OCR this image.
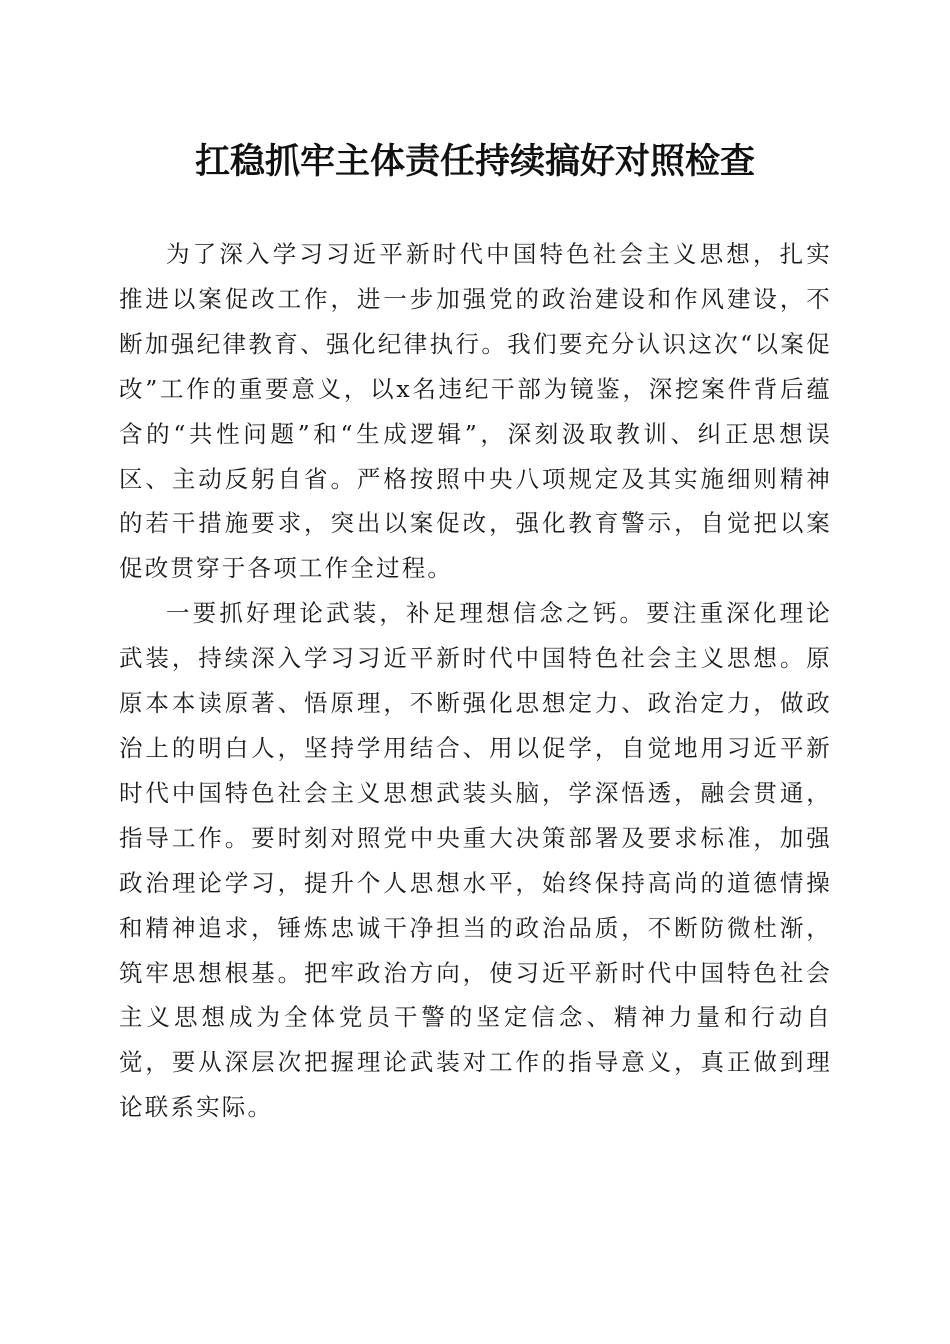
扛稳抓牢主体责任持续搞好对照检查

为了深入学习习近平新时代中国特色社会主义思想，扎实推进以案促改工作，进一步加强党的政治建设和作风建设，不断加强纪律教育、强化纪律执行。我们要充分认识这次“以案促改”工作的重要意义，以x名违纪干部为镜鉴，深挖案件背后蕴含的“共性问题”和“生成逻辑”，深刻汲取教训、纠正思想误区、主动反躬自省。严格按照中央八项规定及其实施细则精神的若干措施要求，突出以案促改，强化教育警示，自觉把以案促改贯穿于各项工作全过程。

一要抓好理论武装，补足理想信念之钙。要注重深化理论武装，持续深入学习习近平新时代中国特色社会主义思想。原原本本读原著、悟原理，不断强化思想定力、政治定力，做政治上的明白人，坚持学用结合、用以促学，自觉地用习近平新时代中国特色社会主义思想武装头脑，学深悟透，融会贯通，指导工作。要时刻对照党中央重大决策部署及要求标准，加强政治理论学习，提升个人思想水平，始终保持高尚的道德情操和精神追求，锤炼忠诚干净担当的政治品质，不断防微杜渐，筑牢思想根基。把牢政治方向，使习近平新时代中国特色社会主义思想成为全体党员干警的坚定信念、精神力量和行动自觉，要从深层次把握理论武装对工作的指导意义，真正做到理论联系实际。
